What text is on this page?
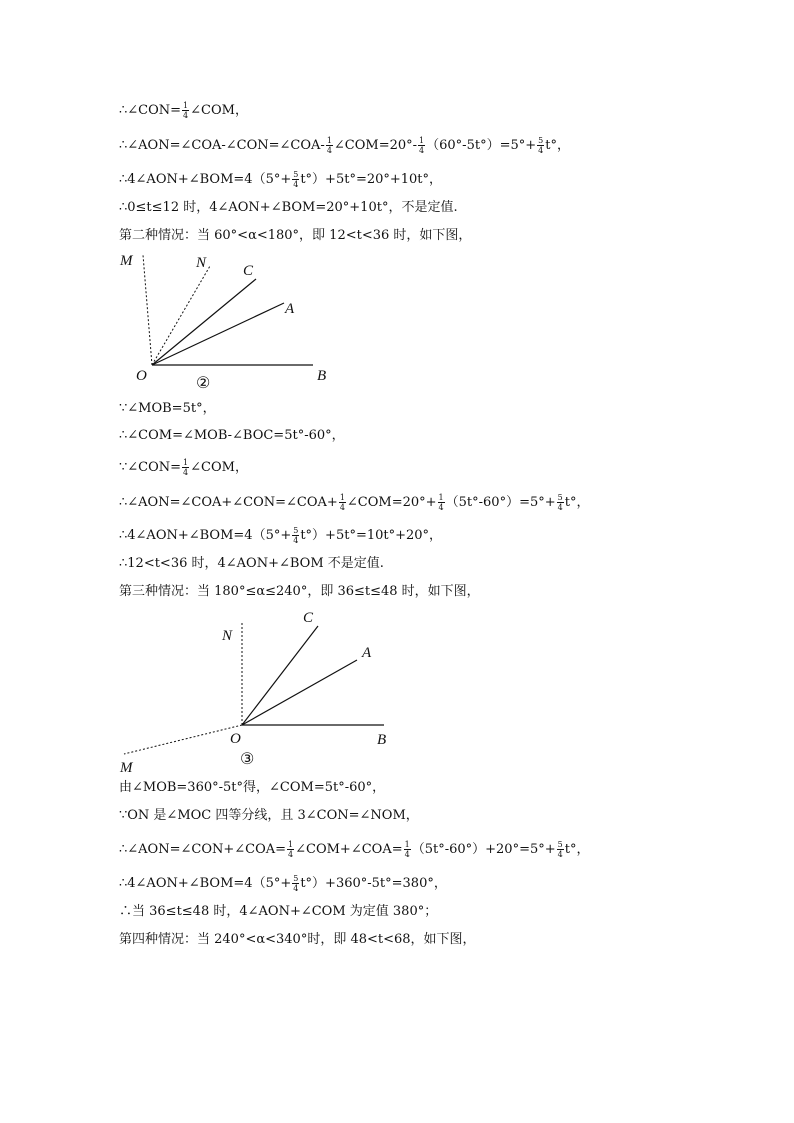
∴∠CON= $\frac{1}{4}$ ∠COM，
∴∠AON=∠COA-∠CON=∠COA- $\frac{1}{4}$ ∠COM=20°- $\frac{1}{4} (60^\circ-5t^\circ)=5^\circ+ \frac{5}{4} t^\circ$，
∴4∠AON+∠BOM=4（5°+ $\frac{5}{4} t^\circ)+5t^\circ=20^\circ+10t^\circ$，
∴0≤t≤12 时，4∠AON+∠BOM=20°+10t°，不是定值.
第二种情况：当 60°<α<180°，即 12<t<36 时，如下图，
∵∠MOB=5t°，
∴∠COM=∠MOB-∠BOC=5t°-60°，
∵∠CON= $\frac{1}{4}$ ∠COM，
∴∠AON=∠COA+∠CON=∠COA+ $\frac{1}{4}$ ∠COM=20°+ $\frac{1}{4} (5t^\circ-60^\circ)=5^\circ+ \frac{5}{4} t^\circ$，
∴4∠AON+∠BOM=4（5°+ $\frac{5}{4} t^\circ)+5t^\circ=10t^\circ+20^\circ$，
∴12<t<36 时，4∠AON+∠BOM 不是定值.
第三种情况：当 180°≤α≤240°，即 36≤t≤48 时，如下图，
由∠MOB=360°-5t°得，∠COM=5t°-60°，
∵ON 是∠MOC 四等分线，且 3∠CON=∠NOM，
∴∠AON=∠CON+∠COA= $\frac{1}{4}$ ∠COM+∠COA= $\frac{1}{4} (5t^\circ-60^\circ)+20^\circ=5^\circ+ \frac{5}{4} t^\circ$，
∴4∠AON+∠BOM=4（5°+ $\frac{5}{4} t^\circ)+360^\circ-5t^\circ=380^\circ$，
∴当 36≤t≤48 时，4∠AON+∠COM 为定值 380°；
第四种情况：当 240°<α<340°时，即 48<t<68，如下图，
M	N C
A
O	B
②
N
C
A
O	B
M	③
